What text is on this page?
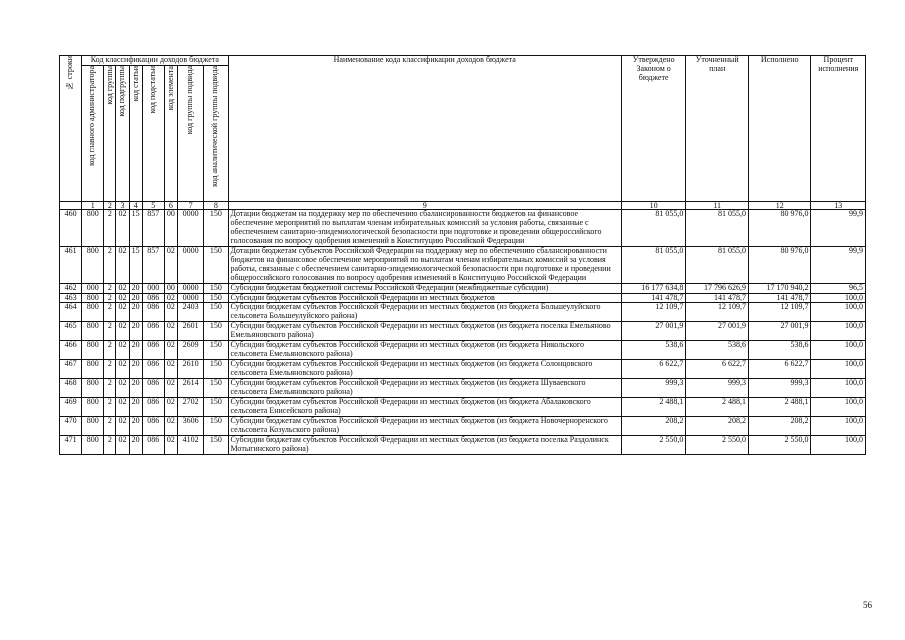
№ строки	Код классификации доходов бюджета								Наименование кода классификации доходов бюджета	Утверждено Законом о бюджете	Уточненный план	Исполнено	Процент исполнения

	код главного администратора	код группы	код подгруппы	код статьи	код подстатьи	код элемента	код группы подвида	код аналитической группы подвида					

	1	2	3	4	5	6	7	8	9	10	11	12	13
460	800	2	02	15	857	00	0000	150	Дотации бюджетам на поддержку мер по обеспечению сбалансированности бюджетов на финансовое обеспечение мероприятий по выплатам членам избирательных комиссий за условия работы, связанные с обеспечением санитарно-эпидемиологической безопасности при подготовке и проведении общероссийского голосования по вопросу одобрения изменений в Конституцию Российской Федерации	81 055,0	81 055,0	80 976,0	99,9
461	800	2	02	15	857	02	0000	150	Дотации бюджетам субъектов Российской Федерации на поддержку мер по обеспечению сбалансированности бюджетов на финансовое обеспечение мероприятий по выплатам членам избирательных комиссий за условия работы, связанные с обеспечением санитарно-эпидемиологической безопасности при подготовке и проведении общероссийского голосования по вопросу одобрения изменений в Конституцию Российской Федерации	81 055,0	81 055,0	80 976,0	99,9
462	000	2	02	20	000	00	0000	150	Субсидии бюджетам бюджетной системы Российской Федерации (межбюджетные субсидии)	16 177 634,8	17 796 626,9	17 170 940,2	96,5
463	800	2	02	20	086	02	0000	150	Субсидии бюджетам субъектов Российской Федерации из местных бюджетов	141 478,7	141 478,7	141 478,7	100,0
464	800	2	02	20	086	02	2403	150	Субсидии бюджетам субъектов Российской Федерации из местных бюджетов (из бюджета Большеулуйского сельсовета Большеулуйского района)	12 109,7	12 109,7	12 109,7	100,0
465	800	2	02	20	086	02	2601	150	Субсидии бюджетам субъектов Российской Федерации из местных бюджетов (из бюджета поселка Емельяново Емельяновского района)	27 001,9	27 001,9	27 001,9	100,0
466	800	2	02	20	086	02	2609	150	Субсидии бюджетам субъектов Российской Федерации из местных бюджетов (из бюджета Никольского сельсовета Емельяновского района)	538,6	538,6	538,6	100,0
467	800	2	02	20	086	02	2610	150	Субсидии бюджетам субъектов Российской Федерации из местных бюджетов (из бюджета Солонцовского сельсовета Емельяновского района)	6 622,7	6 622,7	6 622,7	100,0
468	800	2	02	20	086	02	2614	150	Субсидии бюджетам субъектов Российской Федерации из местных бюджетов (из бюджета Шуваевского сельсовета Емельяновского района)	999,3	999,3	999,3	100,0
469	800	2	02	20	086	02	2702	150	Субсидии бюджетам субъектов Российской Федерации из местных бюджетов (из бюджета Абалаковского сельсовета Енисейского района)	2 488,1	2 488,1	2 488,1	100,0
470	800	2	02	20	086	02	3606	150	Субсидии бюджетам субъектов Российской Федерации из местных бюджетов (из бюджета Новочерноренского сельсовета Козульского района)	208,2	208,2	208,2	100,0
471	800	2	02	20	086	02	4102	150	Субсидии бюджетам субъектов Российской Федерации из местных бюджетов (из бюджета поселка Раздолинск Мотыгинского района)	2 550,0	2 550,0	2 550,0	100,0
56
